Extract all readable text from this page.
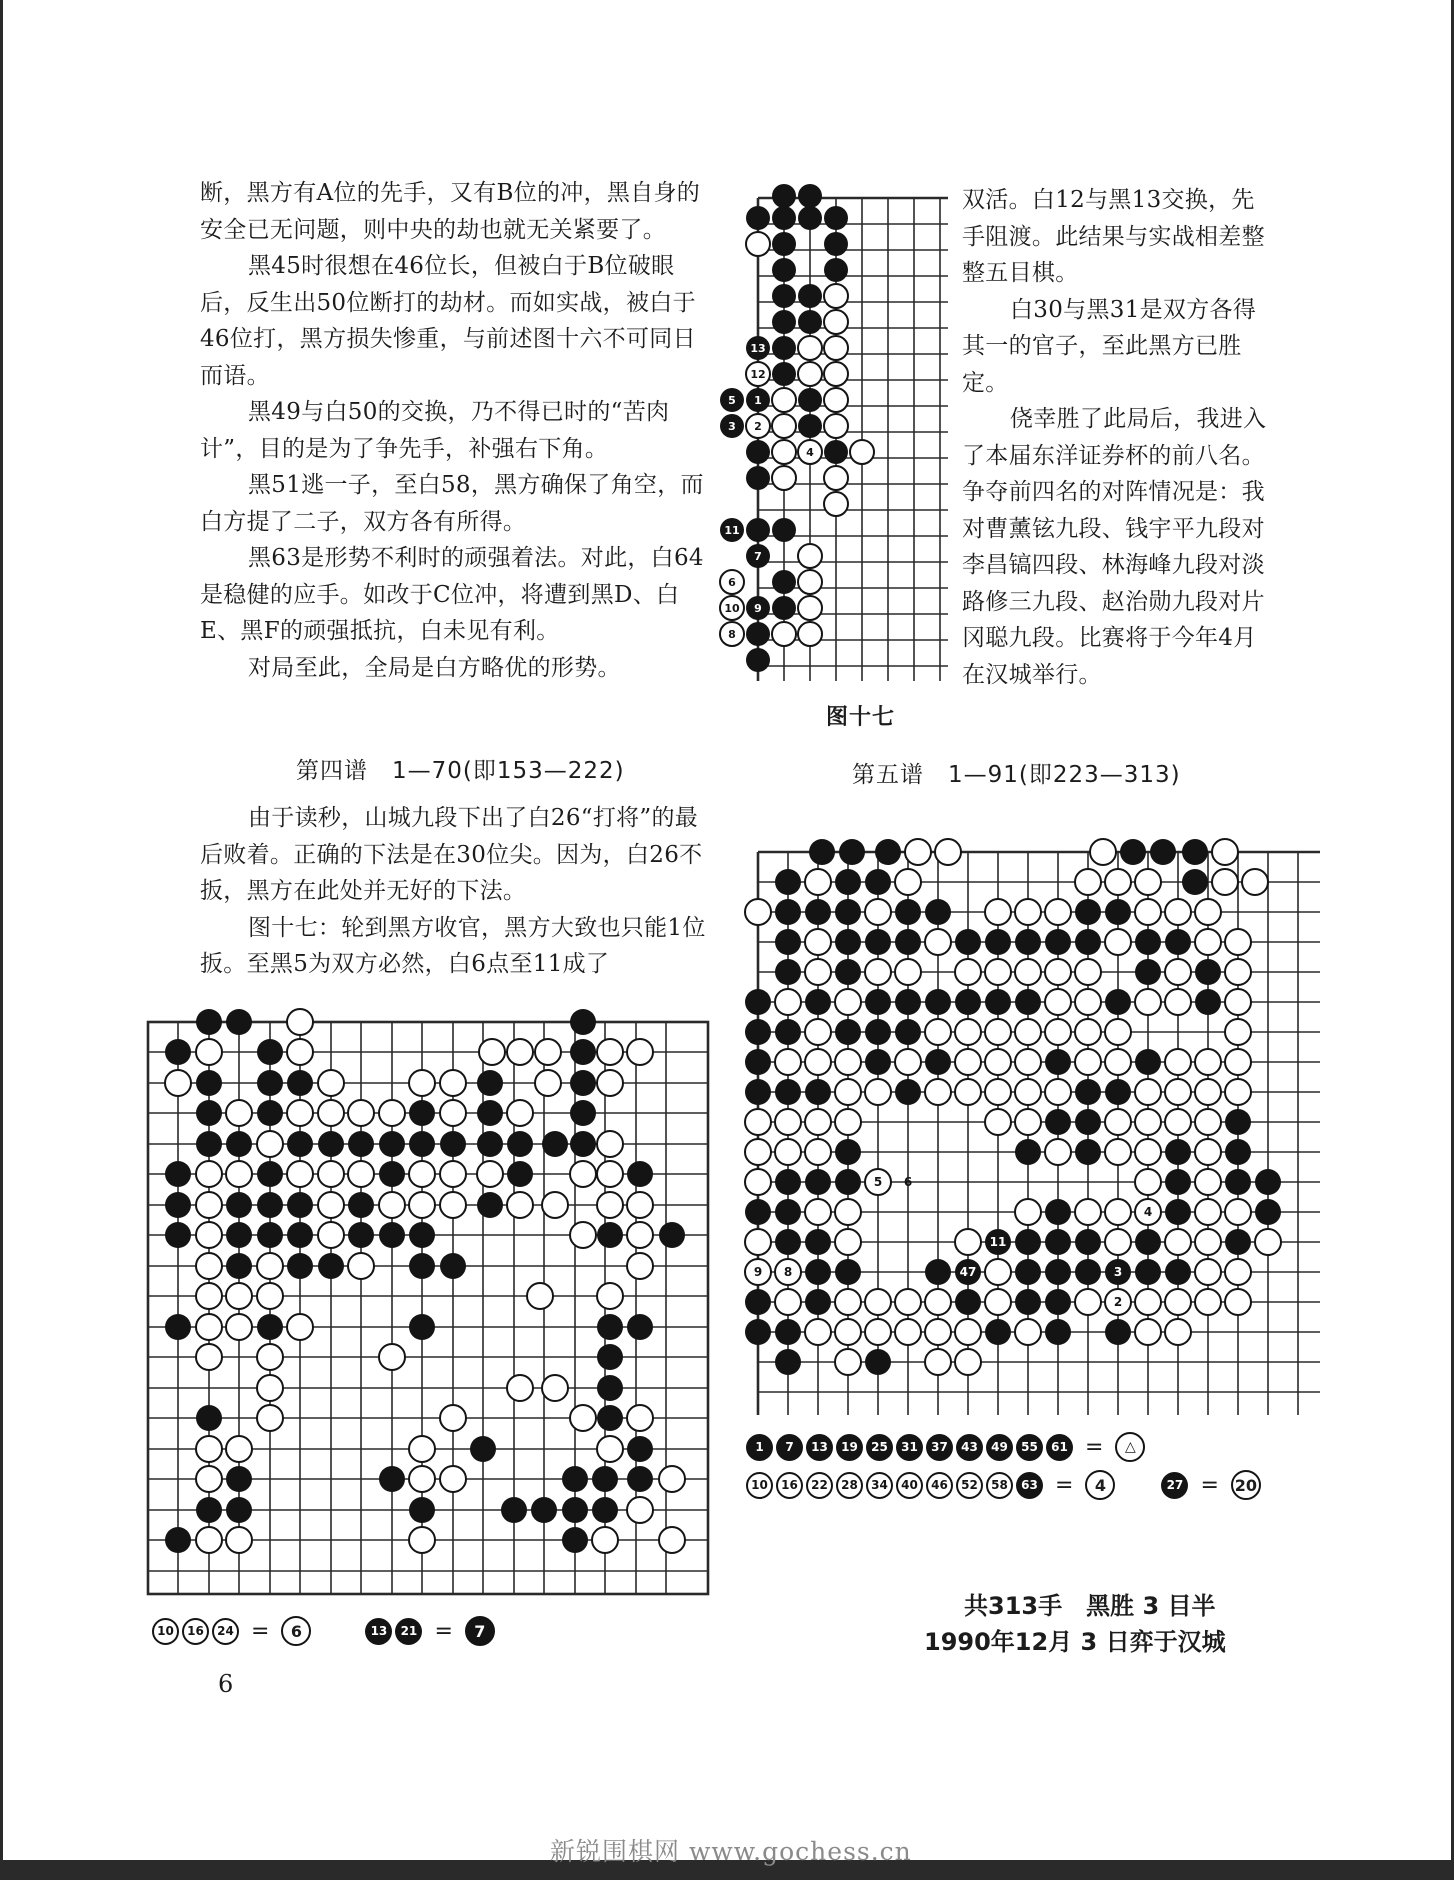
断，黑方有A位的先手，又有B位的冲，黑自身的安全已无问题，则中央的劫也就无关紧要了。

黑45时很想在46位长，但被白于B位破眼后，反生出50位断打的劫材。而如实战，被白于46位打，黑方损失惨重，与前述图十六不可同日而语。

黑49与白50的交换，乃不得已时的“苦肉计”，目的是为了争先手，补强右下角。

黑51逃一子，至白58，黑方确保了角空，而白方提了二子，双方各有所得。

黑63是形势不利时的顽强着法。对此，白64是稳健的应手。如改于C位冲，将遭到黑D、白E、黑F的顽强抵抗，白未见有利。

对局至此，全局是白方略优的形势。

第四谱　1—70(即153—222)

由于读秒，山城九段下出了白26“打将”的最后败着。正确的下法是在30位尖。因为，白26不扳，黑方在此处并无好的下法。

图十七：轮到黑方收官，黑方大致也只能1位扳。至黑5为双方必然，白6点至11成了

双活。白12与黑13交换，先手阻渡。此结果与实战相差整整五目棋。

白30与黑31是双方各得其一的官子，至此黑方已胜定。

侥幸胜了此局后，我进入了本届东洋证券杯的前八名。争夺前四名的对阵情况是：我对曹薰铉九段、钱宇平九段对李昌镐四段、林海峰九段对淡路修三九段、赵治勋九段对片冈聪九段。比赛将于今年4月在汉城举行。

图十七
第五谱　1—91(即223—313)
5 1
3 2
13
12
4
11
7
6
10 9
8
10	16	24 =	6	13	21 =	7
5 6
4
9 8	3
2
11
47
1	7	13	19	25	31	37	43	49	55	61 =	△
10	16	22	28	34	40	46	52	58	63 =	4	27 = 20
共313手　黑胜 3 目半
1990年12月 3 日弈于汉城
6
新锐围棋网 www.gochess.cn
